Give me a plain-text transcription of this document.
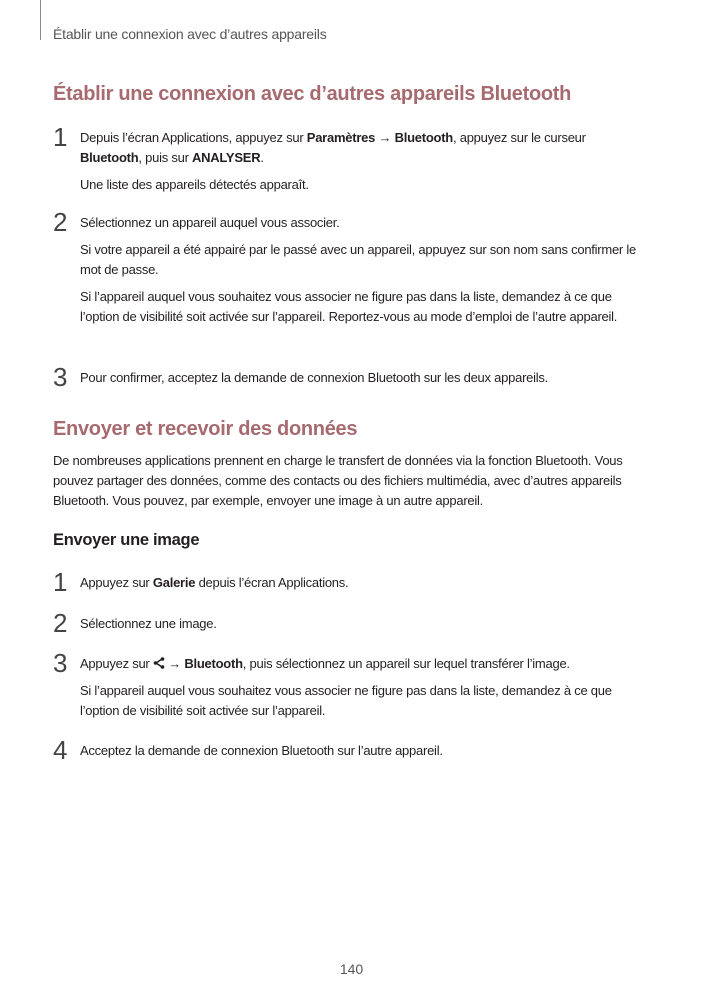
Établir une connexion avec d’autres appareils
Établir une connexion avec d’autres appareils Bluetooth
1 Depuis l’écran Applications, appuyez sur Paramètres → Bluetooth, appuyez sur le curseur Bluetooth, puis sur ANALYSER.

Une liste des appareils détectés apparaît.

2 Sélectionnez un appareil auquel vous associer.

Si votre appareil a été appairé par le passé avec un appareil, appuyez sur son nom sans confirmer le mot de passe.

Si l’appareil auquel vous souhaitez vous associer ne figure pas dans la liste, demandez à ce que l’option de visibilité soit activée sur l’appareil. Reportez-vous au mode d’emploi de l’autre appareil.

3 Pour confirmer, acceptez la demande de connexion Bluetooth sur les deux appareils.

Envoyer et recevoir des données

De nombreuses applications prennent en charge le transfert de données via la fonction Bluetooth. Vous pouvez partager des données, comme des contacts ou des fichiers multimédia, avec d’autres appareils Bluetooth. Vous pouvez, par exemple, envoyer une image à un autre appareil.

Envoyer une image
1 Appuyez sur Galerie depuis l’écran Applications.

2 Sélectionnez une image.

3 Appuyez sur  → Bluetooth, puis sélectionnez un appareil sur lequel transférer l’image.

Si l’appareil auquel vous souhaitez vous associer ne figure pas dans la liste, demandez à ce que l’option de visibilité soit activée sur l’appareil.

4 Acceptez la demande de connexion Bluetooth sur l’autre appareil.

140
